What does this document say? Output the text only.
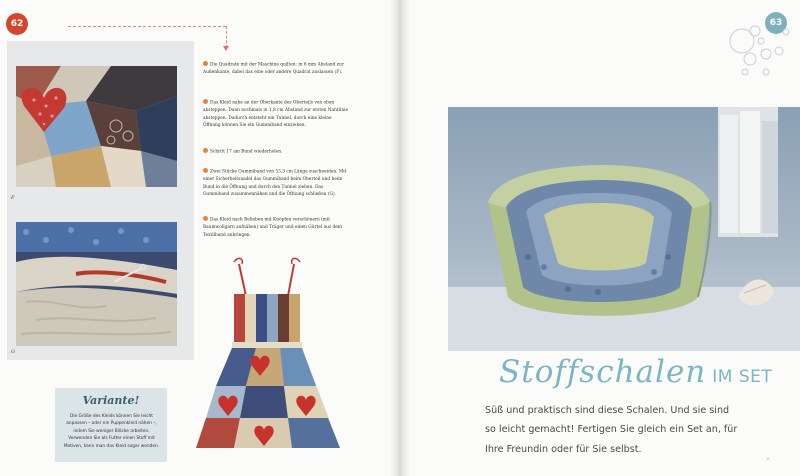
62
F
G
Die Quadrate mit der Maschine quilten: in 6 mm Abstand zur Außenkante, dabei das eine oder andere Quadrat auslassen (F).
Das Kleid nahe an der Oberkante des Oberteils von oben absteppen. Dann nochmals in 1,8 cm Abstand zur ersten Nahtlinie absteppen. Dadurch entsteht ein Tunnel, durch eine kleine Öffnung können Sie ein Gummiband einziehen.
Schritt 17 am Bund wiederholen.
Zwei Stücke Gummiband von 53,3 cm Länge zuschneiden. Mit einer Sicherheitsnadel das Gummiband beim Oberteil und beim Bund in die Öffnung und durch den Tunnel ziehen. Das Gummiband zusammennähen und die Öffnung schließen (G).
Das Kleid nach Belieben mit Knöpfen verschönern (mit Baumwollgarn aufnähen) und Träger und einen Gürtel aus dem Textilband anbringen.
Variante!
Die Größe des Kleids können Sie leicht anpassen – oder ein Puppenkleid nähen –, indem Sie weniger Blöcke arbeiten. Verwenden Sie als Futter einen Stoff mit Motiven, kann man das Kleid sogar wenden.
63
Stoffschalen IM SET
Süß und praktisch sind diese Schalen. Und sie sind
so leicht gemacht! Fertigen Sie gleich ein Set an, für
Ihre Freundin oder für Sie selbst.
▾
